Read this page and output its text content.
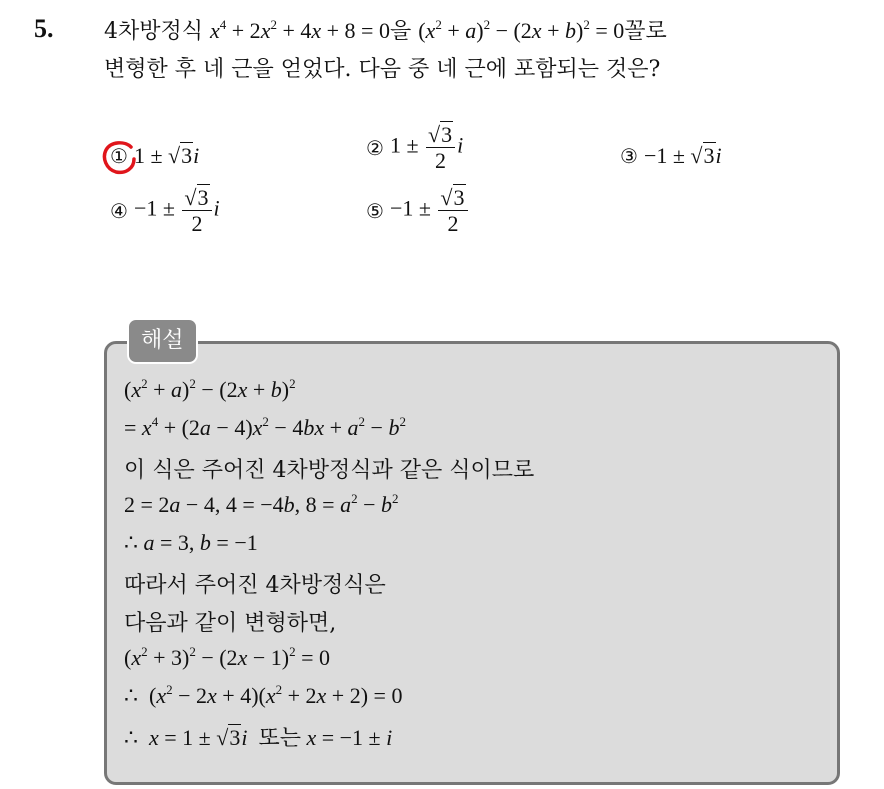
5. 4차방정식 $x^4 + 2x^2 + 4x + 8 = 0$을 $(x^2 + a)^2 - (2x + b)^2 = 0$꼴로
변형한 후 네 근을 얻었다. 다음 중 네 근에 포함되는 것은?
① 1 ± √3i	② $1 \pm \frac{√3}{2}$ i	③ −1 ± √3i
④ $-1 \pm \frac{√3}{2}$ i	⑤ $-1 \pm \frac{√3}{2}$
해설
$(x^2 + a)^2 - (2x + b)^2$
= $x^4 + (2a - 4)x^2 - 4bx + a^2 - b^2$
이 식은 주어진 4차방정식과 같은 식이므로
2 = 2a − 4, 4 = −4b, $8 = a^2 - b^2$
∴ a = 3, b = −1
따라서 주어진 4차방정식은
다음과 같이 변형하면,
$(x^2 + 3)^2 - (2x - 1)^2 = 0$
∴  $(x^2 - 2x + 4)(x^2 + 2x + 2) = 0$
∴  x = 1 ± √3i 또는 x = −1 ± i
